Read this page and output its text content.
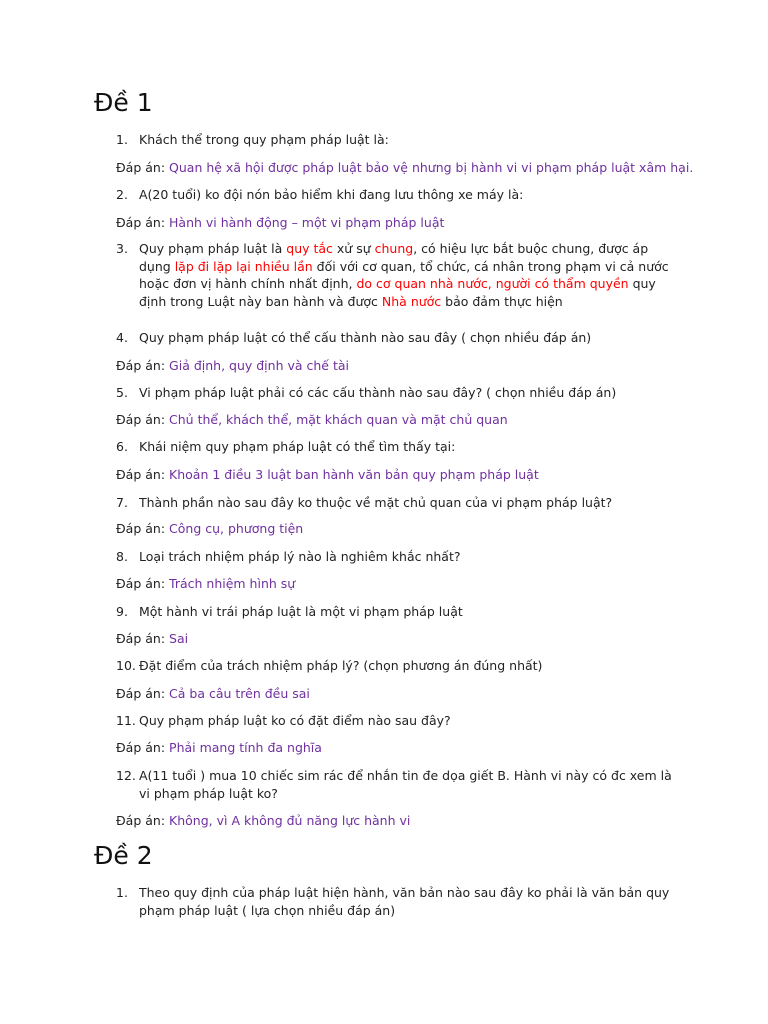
Đề 1
1. Khách thể trong quy phạm pháp luật là:
Đáp án: Quan hệ xã hội được pháp luật bảo vệ nhưng bị hành vi vi phạm pháp luật xâm hại.
2. A(20 tuổi) ko đội nón bảo hiểm khi đang lưu thông xe máy là:
Đáp án: Hành vi hành động – một vi phạm pháp luật
3. Quy phạm pháp luật là quy tắc xử sự chung, có hiệu lực bắt buộc chung, được áp dụng lặp đi lặp lại nhiều lần đối với cơ quan, tổ chức, cá nhân trong phạm vi cả nước hoặc đơn vị hành chính nhất định, do cơ quan nhà nước, người có thẩm quyền quy định trong Luật này ban hành và được Nhà nước bảo đảm thực hiện
4. Quy phạm pháp luật có thể cấu thành nào sau đây ( chọn nhiều đáp án)
Đáp án: Giả định, quy định và chế tài
5. Vi phạm pháp luật phải có các cấu thành nào sau đây? ( chọn nhiều đáp án)
Đáp án: Chủ thể, khách thể, mặt khách quan và mặt chủ quan
6. Khái niệm quy phạm pháp luật có thể tìm thấy tại:
Đáp án: Khoản 1 điều 3 luật ban hành văn bản quy phạm pháp luật
7. Thành phần nào sau đây ko thuộc về mặt chủ quan của vi phạm pháp luật?
Đáp án: Công cụ, phương tiện
8. Loại trách nhiệm pháp lý nào là nghiêm khắc nhất?
Đáp án: Trách nhiệm hình sự
9. Một hành vi trái pháp luật là một vi phạm pháp luật
Đáp án: Sai
10. Đặt điểm của trách nhiệm pháp lý? (chọn phương án đúng nhất)
Đáp án: Cả ba câu trên đều sai
11. Quy phạm pháp luật ko có đặt điểm nào sau đây?
Đáp án: Phải mang tính đa nghĩa
12. A(11 tuổi ) mua 10 chiếc sim rác để nhắn tin đe dọa giết B. Hành vi này có đc xem là vi phạm pháp luật ko?
Đáp án: Không, vì A không đủ năng lực hành vi
Đề 2
1. Theo quy định của pháp luật hiện hành, văn bản nào sau đây ko phải là văn bản quy phạm pháp luật ( lựa chọn nhiều đáp án)
